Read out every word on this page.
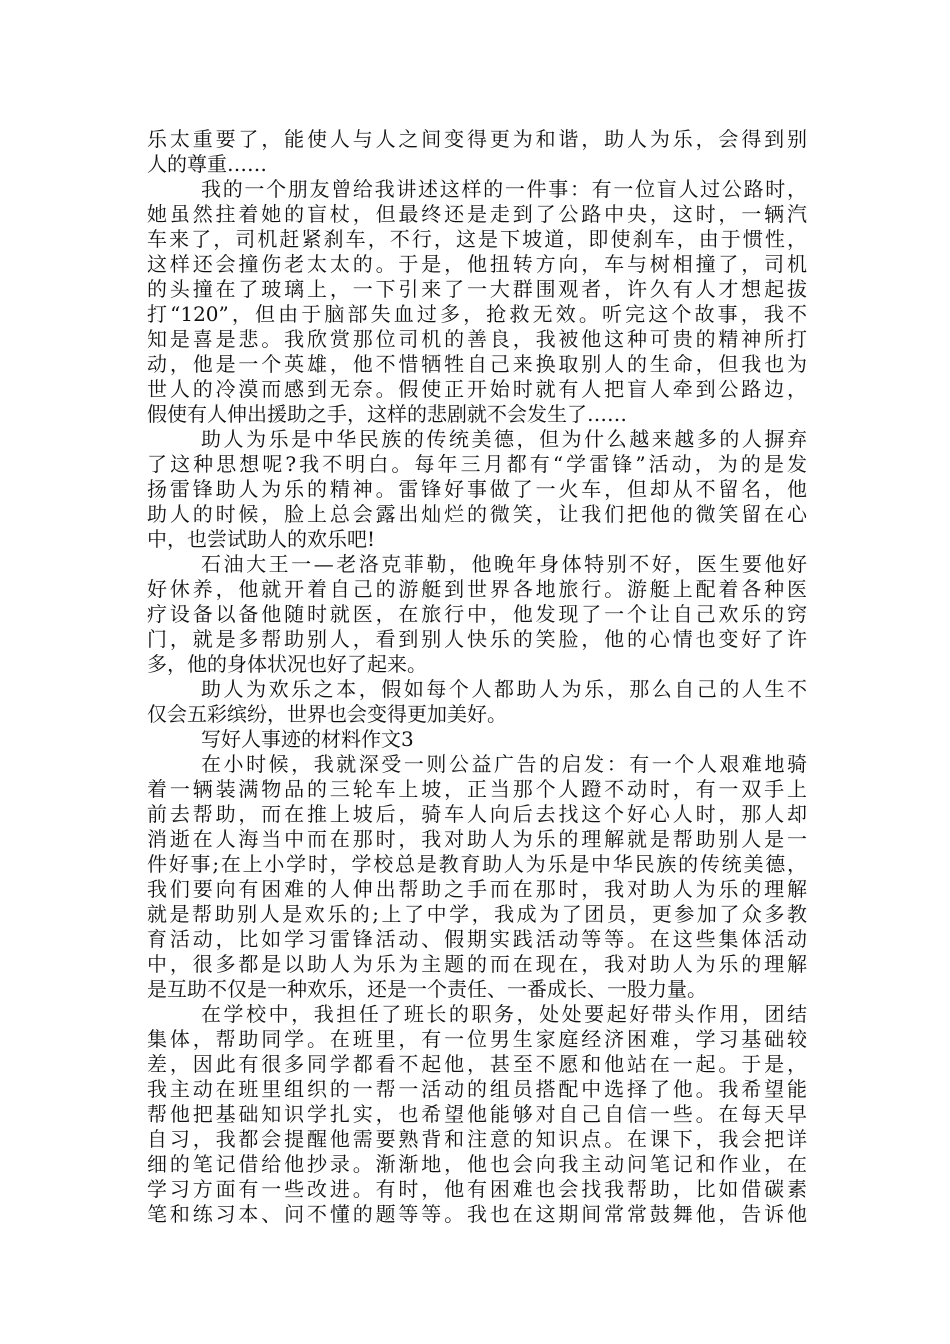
乐太重要了，能使人与人之间变得更为和谐，助人为乐，会得到别
人的尊重……
我的一个朋友曾给我讲述这样的一件事：有一位盲人过公路时，
她虽然拄着她的盲杖，但最终还是走到了公路中央，这时，一辆汽
车来了，司机赶紧刹车，不行，这是下坡道，即使刹车，由于惯性，
这样还会撞伤老太太的。于是，他扭转方向，车与树相撞了，司机
的头撞在了玻璃上，一下引来了一大群围观者，许久有人才想起拔
打“120”，但由于脑部失血过多，抢救无效。听完这个故事，我不
知是喜是悲。我欣赏那位司机的善良，我被他这种可贵的精神所打
动，他是一个英雄，他不惜牺牲自己来换取别人的生命，但我也为
世人的冷漠而感到无奈。假使正开始时就有人把盲人牵到公路边，
假使有人伸出援助之手，这样的悲剧就不会发生了……
助人为乐是中华民族的传统美德，但为什么越来越多的人摒弃
了这种思想呢?我不明白。每年三月都有“学雷锋”活动，为的是发
扬雷锋助人为乐的精神。雷锋好事做了一火车，但却从不留名，他
助人的时候，脸上总会露出灿烂的微笑，让我们把他的微笑留在心
中，也尝试助人的欢乐吧!
石油大王一—老洛克菲勒，他晚年身体特别不好，医生要他好
好休养，他就开着自己的游艇到世界各地旅行。游艇上配着各种医
疗设备以备他随时就医，在旅行中，他发现了一个让自己欢乐的窍
门，就是多帮助别人，看到别人快乐的笑脸，他的心情也变好了许
多，他的身体状况也好了起来。
助人为欢乐之本，假如每个人都助人为乐，那么自己的人生不
仅会五彩缤纷，世界也会变得更加美好。
写好人事迹的材料作文3
在小时候，我就深受一则公益广告的启发：有一个人艰难地骑
着一辆装满物品的三轮车上坡，正当那个人蹬不动时，有一双手上
前去帮助，而在推上坡后，骑车人向后去找这个好心人时，那人却
消逝在人海当中而在那时，我对助人为乐的理解就是帮助别人是一
件好事;在上小学时，学校总是教育助人为乐是中华民族的传统美德，
我们要向有困难的人伸出帮助之手而在那时，我对助人为乐的理解
就是帮助别人是欢乐的;上了中学，我成为了团员，更参加了众多教
育活动，比如学习雷锋活动、假期实践活动等等。在这些集体活动
中，很多都是以助人为乐为主题的而在现在，我对助人为乐的理解
是互助不仅是一种欢乐，还是一个责任、一番成长、一股力量。
在学校中，我担任了班长的职务，处处要起好带头作用，团结
集体，帮助同学。在班里，有一位男生家庭经济困难，学习基础较
差，因此有很多同学都看不起他，甚至不愿和他站在一起。于是，
我主动在班里组织的一帮一活动的组员搭配中选择了他。我希望能
帮他把基础知识学扎实，也希望他能够对自己自信一些。在每天早
自习，我都会提醒他需要熟背和注意的知识点。在课下，我会把详
细的笔记借给他抄录。渐渐地，他也会向我主动问笔记和作业，在
学习方面有一些改进。有时，他有困难也会找我帮助，比如借碳素
笔和练习本、问不懂的题等等。我也在这期间常常鼓舞他，告诉他
